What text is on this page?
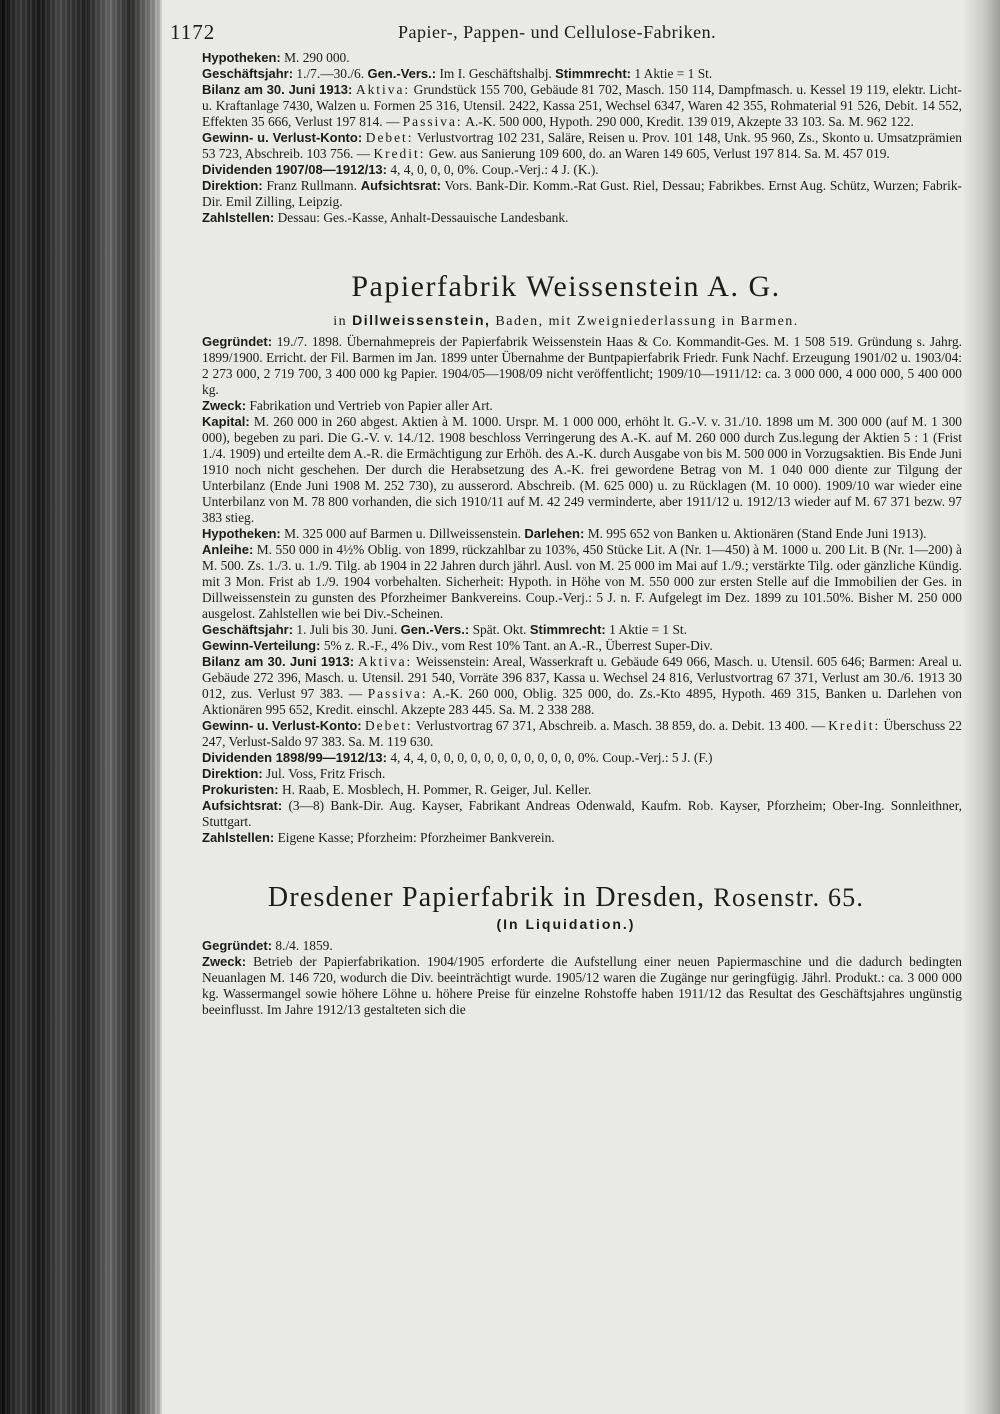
1172	Papier-, Pappen- und Cellulose-Fabriken.

Hypotheken: M. 290 000.

Geschäftsjahr: 1./7.—30./6. Gen.-Vers.: Im I. Geschäftshalbj. Stimmrecht: 1 Aktie = 1 St.

Bilanz am 30. Juni 1913: Aktiva: Grundstück 155 700, Gebäude 81 702, Masch. 150 114, Dampfmasch. u. Kessel 19 119, elektr. Licht- u. Kraftanlage 7430, Walzen u. Formen 25 316, Utensil. 2422, Kassa 251, Wechsel 6347, Waren 42 355, Rohmaterial 91 526, Debit. 14 552, Effekten 35 666, Verlust 197 814. — Passiva: A.-K. 500 000, Hypoth. 290 000, Kredit. 139 019, Akzepte 33 103. Sa. M. 962 122.

Gewinn- u. Verlust-Konto: Debet: Verlustvortrag 102 231, Saläre, Reisen u. Prov. 101 148, Unk. 95 960, Zs., Skonto u. Umsatzprämien 53 723, Abschreib. 103 756. — Kredit: Gew. aus Sanierung 109 600, do. an Waren 149 605, Verlust 197 814. Sa. M. 457 019.

Dividenden 1907/08—1912/13: 4, 4, 0, 0, 0, 0%. Coup.-Verj.: 4 J. (K.).

Direktion: Franz Rullmann. Aufsichtsrat: Vors. Bank-Dir. Komm.-Rat Gust. Riel, Dessau; Fabrikbes. Ernst Aug. Schütz, Wurzen; Fabrik-Dir. Emil Zilling, Leipzig.

Zahlstellen: Dessau: Ges.-Kasse, Anhalt-Dessauische Landesbank.

Papierfabrik Weissenstein A. G.
in Dillweissenstein, Baden, mit Zweigniederlassung in Barmen.

Gegründet: 19./7. 1898. Übernahmepreis der Papierfabrik Weissenstein Haas & Co. Kommandit-Ges. M. 1 508 519. Gründung s. Jahrg. 1899/1900. Erricht. der Fil. Barmen im Jan. 1899 unter Übernahme der Buntpapierfabrik Friedr. Funk Nachf. Erzeugung 1901/02 u. 1903/04: 2 273 000, 2 719 700, 3 400 000 kg Papier. 1904/05—1908/09 nicht veröffentlicht; 1909/10—1911/12: ca. 3 000 000, 4 000 000, 5 400 000 kg.

Zweck: Fabrikation und Vertrieb von Papier aller Art.

Kapital: M. 260 000 in 260 abgest. Aktien à M. 1000. Urspr. M. 1 000 000, erhöht lt. G.-V. v. 31./10. 1898 um M. 300 000 (auf M. 1 300 000), begeben zu pari. Die G.-V. v. 14./12. 1908 beschloss Verringerung des A.-K. auf M. 260 000 durch Zus.legung der Aktien 5 : 1 (Frist 1./4. 1909) und erteilte dem A.-R. die Ermächtigung zur Erhöh. des A.-K. durch Ausgabe von bis M. 500 000 in Vorzugsaktien. Bis Ende Juni 1910 noch nicht geschehen. Der durch die Herabsetzung des A.-K. frei gewordene Betrag von M. 1 040 000 diente zur Tilgung der Unterbilanz (Ende Juni 1908 M. 252 730), zu ausserord. Abschreib. (M. 625 000) u. zu Rücklagen (M. 10 000). 1909/10 war wieder eine Unterbilanz von M. 78 800 vorhanden, die sich 1910/11 auf M. 42 249 verminderte, aber 1911/12 u. 1912/13 wieder auf M. 67 371 bezw. 97 383 stieg.

Hypotheken: M. 325 000 auf Barmen u. Dillweissenstein. Darlehen: M. 995 652 von Banken u. Aktionären (Stand Ende Juni 1913).

Anleihe: M. 550 000 in 4½% Oblig. von 1899, rückzahlbar zu 103%, 450 Stücke Lit. A (Nr. 1—450) à M. 1000 u. 200 Lit. B (Nr. 1—200) à M. 500. Zs. 1./3. u. 1./9. Tilg. ab 1904 in 22 Jahren durch jährl. Ausl. von M. 25 000 im Mai auf 1./9.; verstärkte Tilg. oder gänzliche Kündig. mit 3 Mon. Frist ab 1./9. 1904 vorbehalten. Sicherheit: Hypoth. in Höhe von M. 550 000 zur ersten Stelle auf die Immobilien der Ges. in Dillweissenstein zu gunsten des Pforzheimer Bankvereins. Coup.-Verj.: 5 J. n. F. Aufgelegt im Dez. 1899 zu 101.50%. Bisher M. 250 000 ausgelost. Zahlstellen wie bei Div.-Scheinen.

Geschäftsjahr: 1. Juli bis 30. Juni. Gen.-Vers.: Spät. Okt. Stimmrecht: 1 Aktie = 1 St.

Gewinn-Verteilung: 5% z. R.-F., 4% Div., vom Rest 10% Tant. an A.-R., Überrest Super-Div.

Bilanz am 30. Juni 1913: Aktiva: Weissenstein: Areal, Wasserkraft u. Gebäude 649 066, Masch. u. Utensil. 605 646; Barmen: Areal u. Gebäude 272 396, Masch. u. Utensil. 291 540, Vorräte 396 837, Kassa u. Wechsel 24 816, Verlustvortrag 67 371, Verlust am 30./6. 1913 30 012, zus. Verlust 97 383. — Passiva: A.-K. 260 000, Oblig. 325 000, do. Zs.-Kto 4895, Hypoth. 469 315, Banken u. Darlehen von Aktionären 995 652, Kredit. einschl. Akzepte 283 445. Sa. M. 2 338 288.

Gewinn- u. Verlust-Konto: Debet: Verlustvortrag 67 371, Abschreib. a. Masch. 38 859, do. a. Debit. 13 400. — Kredit: Überschuss 22 247, Verlust-Saldo 97 383. Sa. M. 119 630.

Dividenden 1898/99—1912/13: 4, 4, 4, 0, 0, 0, 0, 0, 0, 0, 0, 0, 0, 0, 0%. Coup.-Verj.: 5 J. (F.)

Direktion: Jul. Voss, Fritz Frisch.

Prokuristen: H. Raab, E. Mosblech, H. Pommer, R. Geiger, Jul. Keller.

Aufsichtsrat: (3—8) Bank-Dir. Aug. Kayser, Fabrikant Andreas Odenwald, Kaufm. Rob. Kayser, Pforzheim; Ober-Ing. Sonnleithner, Stuttgart.

Zahlstellen: Eigene Kasse; Pforzheim: Pforzheimer Bankverein.

Dresdener Papierfabrik in Dresden, Rosenstr. 65.
(In Liquidation.)

Gegründet: 8./4. 1859.

Zweck: Betrieb der Papierfabrikation. 1904/1905 erforderte die Aufstellung einer neuen Papiermaschine und die dadurch bedingten Neuanlagen M. 146 720, wodurch die Div. beeinträchtigt wurde. 1905/12 waren die Zugänge nur geringfügig. Jährl. Produkt.: ca. 3 000 000 kg. Wassermangel sowie höhere Löhne u. höhere Preise für einzelne Rohstoffe haben 1911/12 das Resultat des Geschäftsjahres ungünstig beeinflusst. Im Jahre 1912/13 gestalteten sich die
